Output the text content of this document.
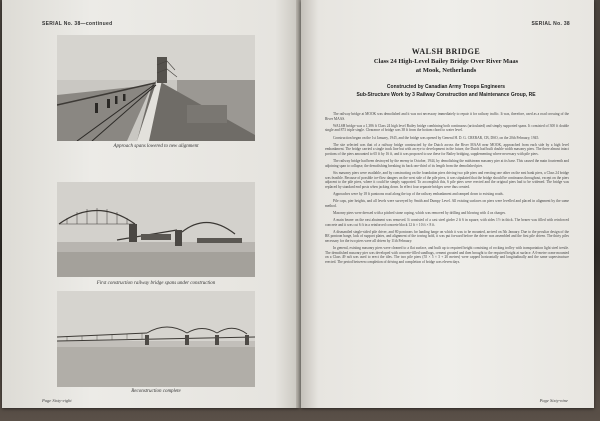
SERIAL No. 38—continued
Approach spans lowered to new alignment
First construction railway bridge spans under construction
Reconstruction complete
Page Sixty-eight
SERIAL No. 38
WALSH BRIDGE
Class 24 High-Level Bailey Bridge Over River Maas
at Mook, Netherlands
Constructed by Canadian Army Troops Engineers
Sub-Structure Work by 3 Railway Construction and Maintenance Group, RE

The railway bridge at MOOK was demolished and it was not necessary immediately to repair it for railway traffic. It was, therefore, used as a road crossing of the River MAAS.

WALSH bridge was a 1,386 ft Class 24 high level Bailey bridge combining both continuous (articulated) and simply supported spans. It consisted of 300 ft double single and 873 triple single. Clearance of bridge was 38 ft from the bottom chord to water level.

Construction began on the 1st January, 1945, and the bridge was opened by General H. D. G. CRERAR, CB, DSO, on the 20th February, 1945.

The site selected was that of a railway bridge constructed by the Dutch across the River MAAS near MOOK, approached from each side by a high level embankment. The bridge carried a single track line but with an eye to development in the future, the Dutch had built double width masonry piers. The three almost intact portions of the piers amounted to 65 ft by 16 ft, and it was proposed to use these for Bailey bridging, supplementing where necessary with pile piers.

The railway bridge had been destroyed by the enemy in October, 1944, by demolishing the midstream masonry pier at its base. This caused the main fourteenth and adjoining span to collapse, the demolishing breaking its back one-third of its length from the demolished pier.

Six masonry piers were available, and by constructing on the foundation piers driving two pile piers and erecting one other on the east bank piers, a Class 24 bridge was feasible. Because of possible ice-flow dangers on the west side of the pile piers, it was stipulated that the bridge should be continuous throughout, except on the piers adjacent to the pile piers, where it could be simply supported. To accomplish this, 6 pile piers were erected and the original piers had to be widened. The bridge was replaced by standard end posts when jacking down. In effect four separate bridges were thus created.

Approaches were by 18 ft pontoons road along the top of the railway embankment and ramped down to existing roads.

Pile caps, pier heights, and all levels were surveyed by Smith and Dumpy Level. All existing surfaces on piers were levelled and placed in alignment by the same method.

Masonry piers were dressed with a pitched stone coping, which was removed by drilling and blowing with 4 oz charges.

A main bearer on the east abutment was removed. It consisted of a cast steel girder 2 ft 6 in square, with sides 1½ in thick. The bearer was filled with reinforced concrete and it was cut 6 ft in a reinforced concrete block 12 ft × 10 ft × 8 ft.

A dismantled single-sided pile driver, and 80 pontoons for landing barge on which it was to be mounted, arrived on 5th January. Due to the peculiar design of the RE pontoon barge, lack of support plates, and alignment of the towing hold, it was put forward before the driver was assembled and the first pile driven. The thirty piles necessary for the two piers were all driven by 11th February.

In general, existing masonry piers were cleaned to a flat surface, and built up to required height consisting of rocking trolley with transportation light steel trestle. The demolished masonry pier was developed with concrete-filled sandbags, cement grouted and then brought to the required height at surface. A 6-metre crane mounted on a Class 49 raft was used to erect the tiles. The two pile piers (55 × 5 × 3 + 20 metres) were capped horizontally and longitudinally and the same superstructure erected. The period between completion of driving and completion of bridge was eleven days.

Page Sixty-nine
